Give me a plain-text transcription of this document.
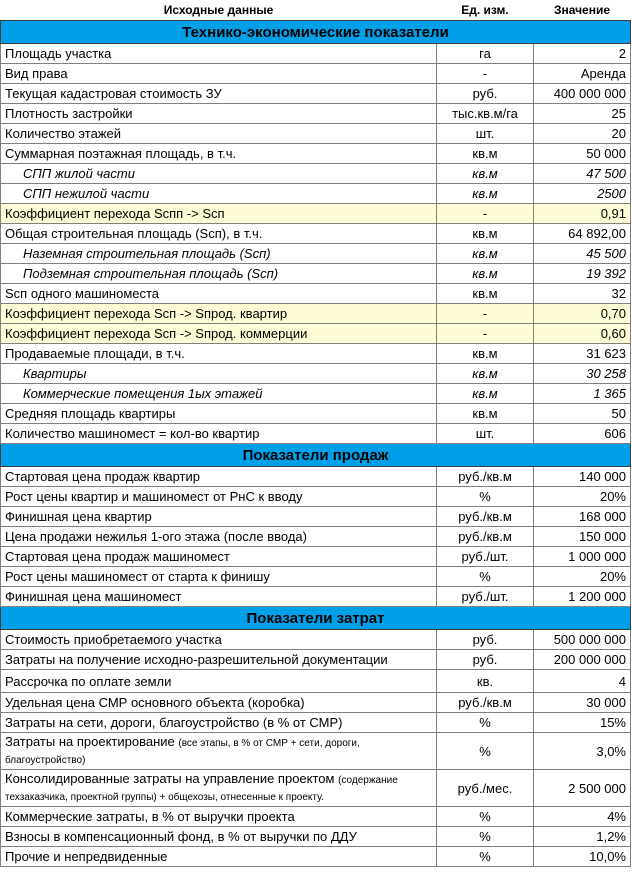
Исходные данные	Ед. изм.	Значение
Технико-экономические показатели		
Площадь участка	га	2
Вид права	-	Аренда
Текущая кадастровая стоимость ЗУ	руб.	400 000 000
Плотность застройки	тыс.кв.м/га	25
Количество этажей	шт.	20
Суммарная поэтажная площадь, в т.ч.	кв.м	50 000
СПП жилой части	кв.м	47 500
СПП нежилой части	кв.м	2500
Коэффициент перехода Sспп -> Sсп	-	0,91
Общая строительная площадь (Sсп), в т.ч.	кв.м	64 892,00
Наземная строительная площадь (Sсп)	кв.м	45 500
Подземная строительная площадь (Sсп)	кв.м	19 392
Sсп одного машиноместа	кв.м	32
Коэффициент перехода Sсп -> Sпрод. квартир	-	0,70
Коэффициент перехода Sсп -> Sпрод. коммерции	-	0,60
Продаваемые площади, в т.ч.	кв.м	31 623
Квартиры	кв.м	30 258
Коммерческие помещения 1ых этажей	кв.м	1 365
Средняя площадь квартиры	кв.м	50
Количество машиномест = кол-во квартир	шт.	606
Показатели продаж		
Стартовая цена продаж квартир	руб./кв.м	140 000
Рост цены квартир и машиномест от РнС к вводу	%	20%
Финишная цена квартир	руб./кв.м	168 000
Цена продажи нежилья 1-ого этажа (после ввода)	руб./кв.м	150 000
Стартовая цена продаж машиномест	руб./шт.	1 000 000
Рост цены машиномест от старта к финишу	%	20%
Финишная цена машиномест	руб./шт.	1 200 000
Показатели затрат		
Стоимость приобретаемого участка	руб.	500 000 000
Затраты на получение исходно-разрешительной документации	руб.	200 000 000
Рассрочка по оплате земли	кв.	4
Удельная цена СМР основного объекта (коробка)	руб./кв.м	30 000
Затраты на сети, дороги, благоустройство (в % от СМР)	%	15%
Затраты на проектирование (все этапы, в % от СМР + сети, дороги, благоустройство)	%	3,0%
Консолидированные затраты на управление проектом (содержание техзаказчика, проектной группы) + общехозы, отнесенные к проекту.	руб./мес.	2 500 000
Коммерческие затраты, в % от выручки проекта	%	4%
Взносы в компенсационный фонд, в % от выручки по ДДУ	%	1,2%
Прочие и непредвиденные	%	10,0%
